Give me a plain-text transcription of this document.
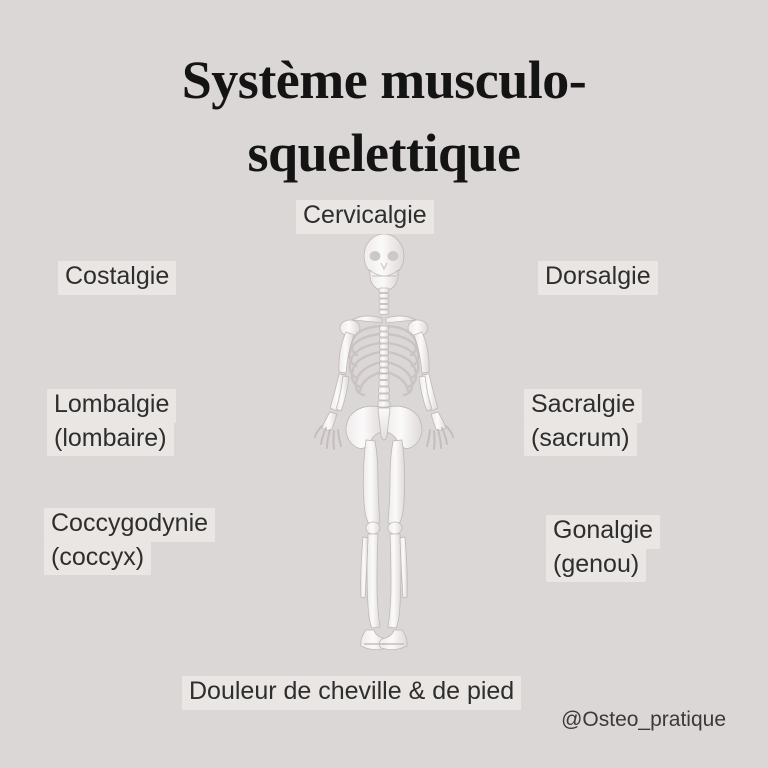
Système musculo-
squelettique
Cervicalgie
Costalgie	Dorsalgie
Lombalgie
(lombaire)
Sacralgie
(sacrum)
Coccygodynie
(coccyx)
Gonalgie
(genou)
Douleur de cheville & de pied
@Osteo_pratique
